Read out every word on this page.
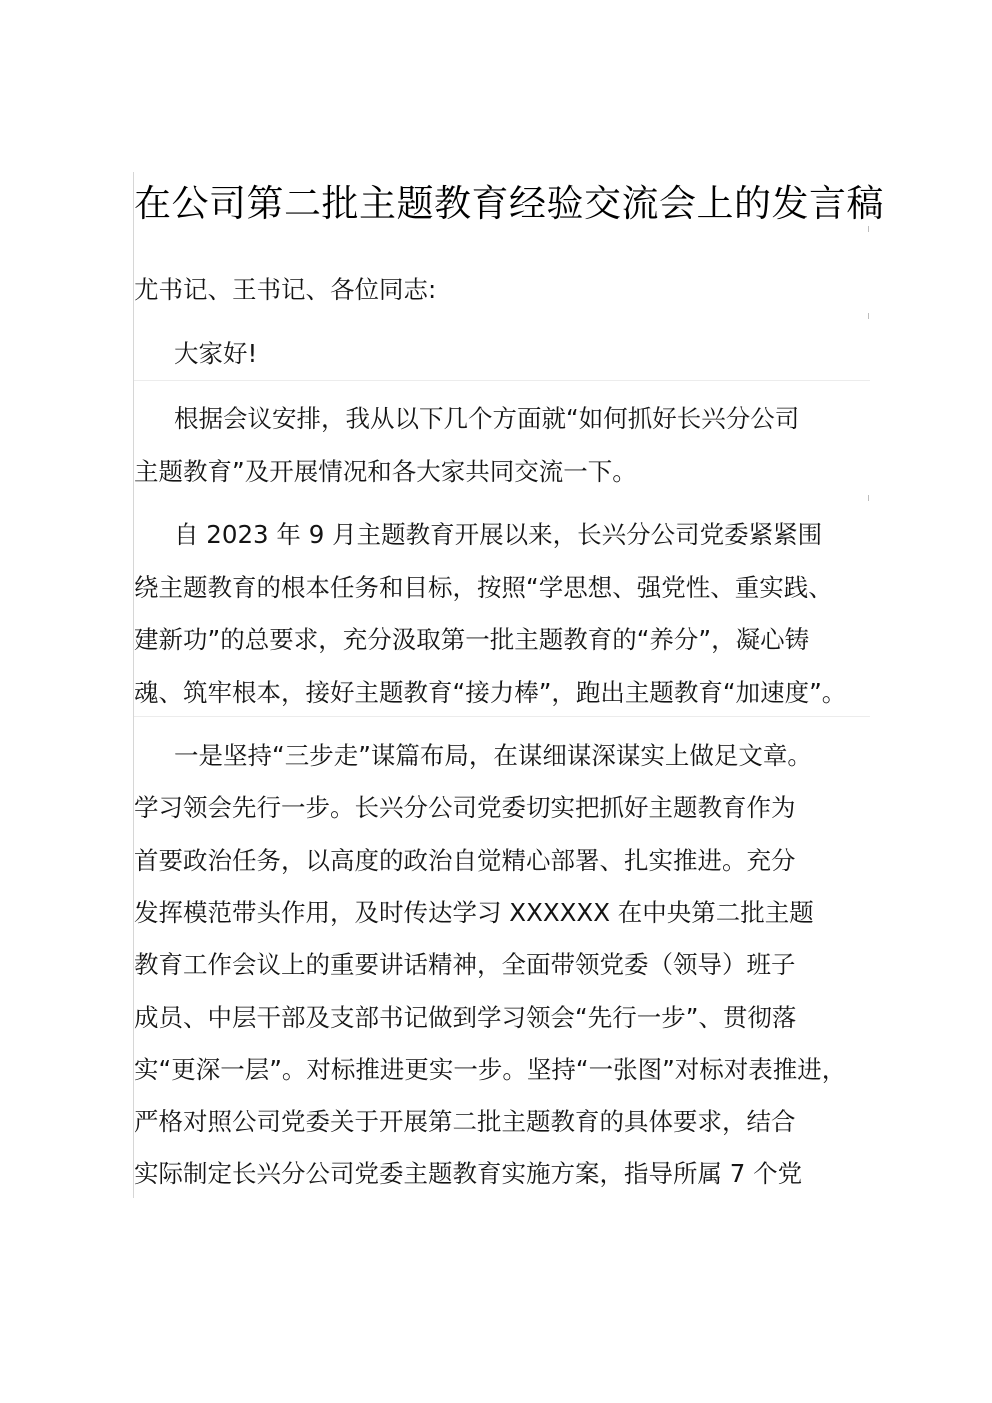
在公司第二批主题教育经验交流会上的发言稿
尤书记、王书记、各位同志:
大家好!
根据会议安排，我从以下几个方面就“如何抓好长兴分公司
主题教育”及开展情况和各大家共同交流一下。
自 2023 年 9 月主题教育开展以来，长兴分公司党委紧紧围
绕主题教育的根本任务和目标，按照“学思想、强党性、重实践、
建新功”的总要求，充分汲取第一批主题教育的“养分”，凝心铸
魂、筑牢根本，接好主题教育“接力棒”，跑出主题教育“加速度”。
一是坚持“三步走”谋篇布局，在谋细谋深谋实上做足文章。
学习领会先行一步。长兴分公司党委切实把抓好主题教育作为
首要政治任务，以高度的政治自觉精心部署、扎实推进。充分
发挥模范带头作用，及时传达学习 XXXXXX 在中央第二批主题
教育工作会议上的重要讲话精神，全面带领党委（领导）班子
成员、中层干部及支部书记做到学习领会“先行一步”、贯彻落
实“更深一层”。对标推进更实一步。坚持“一张图”对标对表推进，
严格对照公司党委关于开展第二批主题教育的具体要求，结合
实际制定长兴分公司党委主题教育实施方案，指导所属 7 个党
